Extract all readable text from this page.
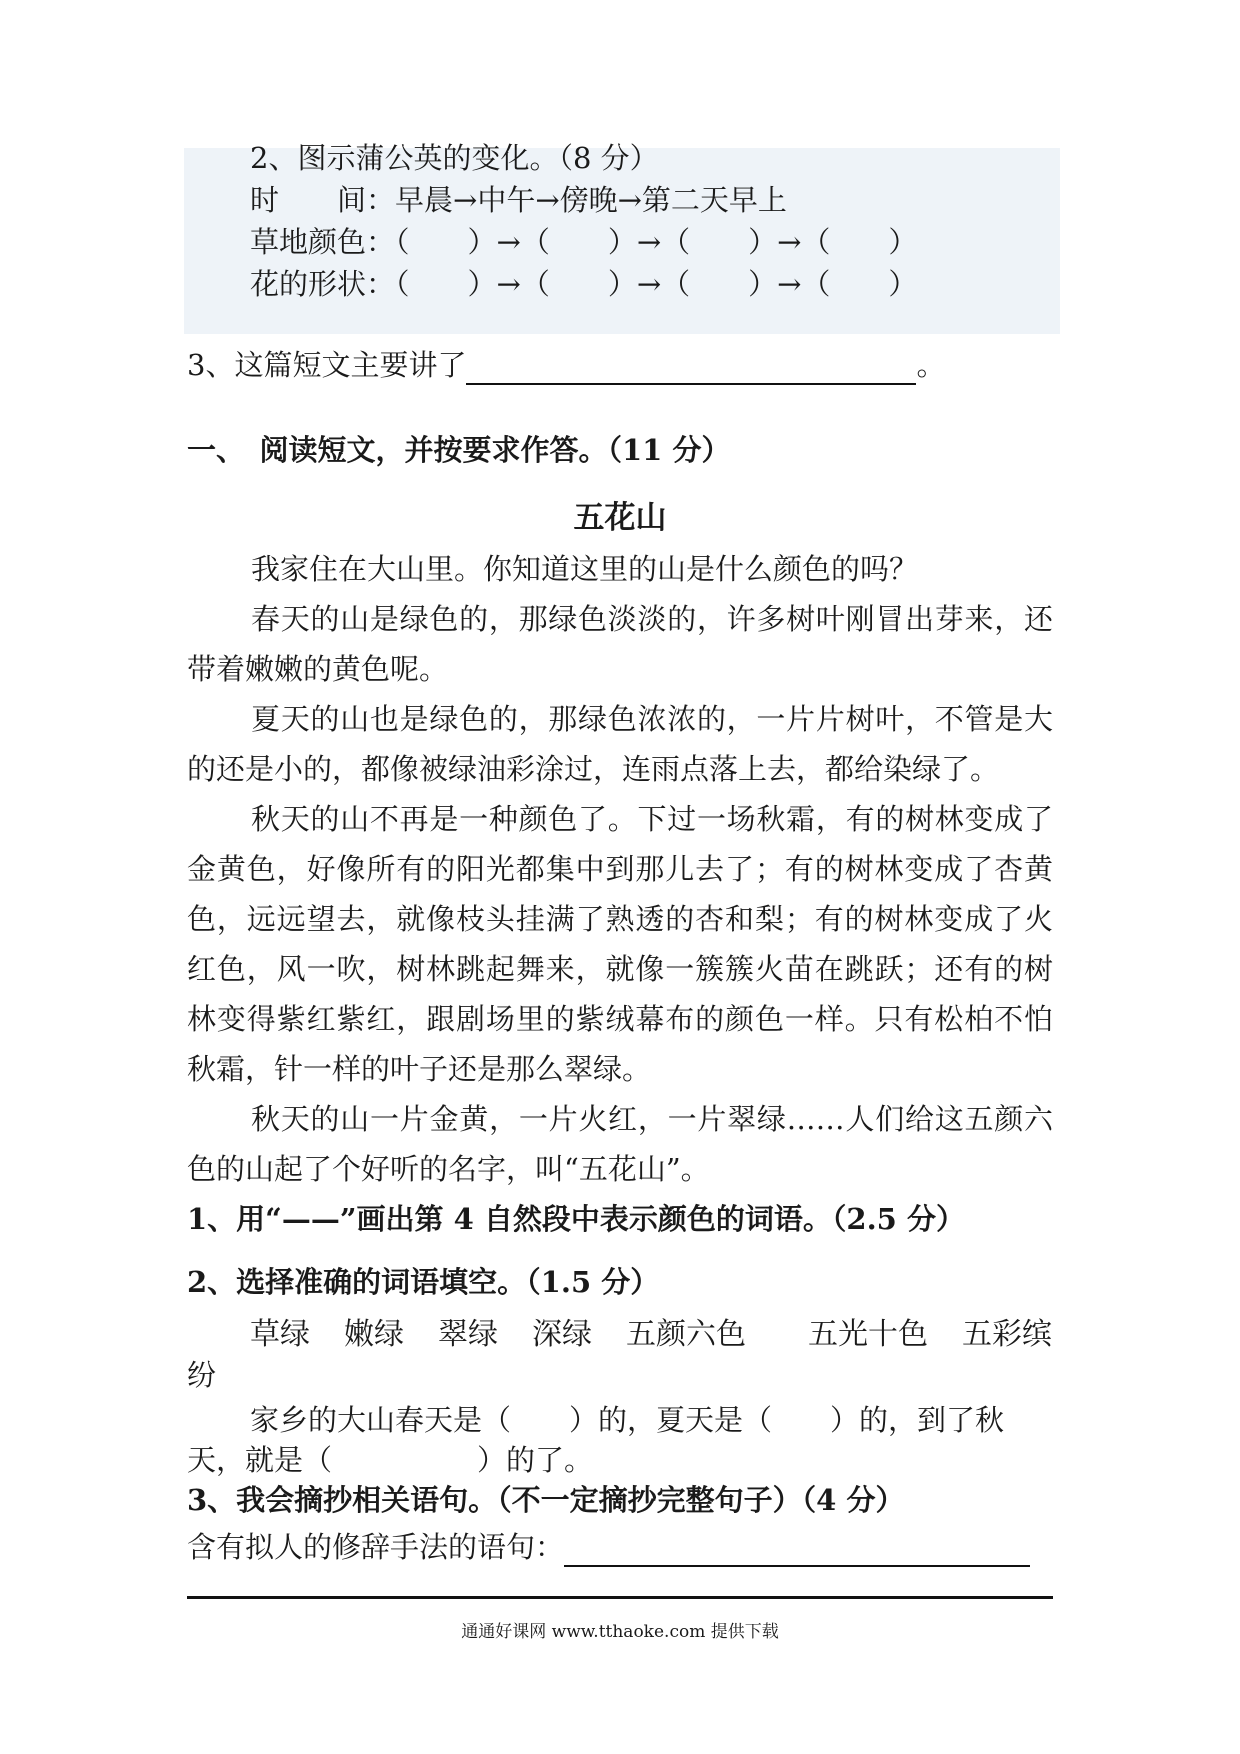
2、图示蒲公英的变化。（8 分）
时　　间：早晨→中午→傍晚→第二天早上
草地颜色：（　　）→（　　）→（　　）→（　　）
花的形状：（　　）→（　　）→（　　）→（　　）
3、这篇短文主要讲了	。
一、　阅读短文，并按要求作答。（11 分）
五花山
我家住在大山里。你知道这里的山是什么颜色的吗？
春天的山是绿色的，那绿色淡淡的，许多树叶刚冒出芽来，还带着嫩嫩的黄色呢。
夏天的山也是绿色的，那绿色浓浓的，一片片树叶，不管是大的还是小的，都像被绿油彩涂过，连雨点落上去，都给染绿了。
秋天的山不再是一种颜色了。下过一场秋霜，有的树林变成了金黄色，好像所有的阳光都集中到那儿去了；有的树林变成了杏黄色，远远望去，就像枝头挂满了熟透的杏和梨；有的树林变成了火红色，风一吹，树林跳起舞来，就像一簇簇火苗在跳跃；还有的树林变得紫红紫红，跟剧场里的紫绒幕布的颜色一样。只有松柏不怕秋霜，针一样的叶子还是那么翠绿。
秋天的山一片金黄，一片火红，一片翠绿……人们给这五颜六色的山起了个好听的名字，叫“五花山”。
1、用“——”画出第 4 自然段中表示颜色的词语。（2.5 分）
2、选择准确的词语填空。（1.5 分）
草绿 嫩绿 翠绿 深绿 五颜六色 五光十色 五彩缤
纷
家乡的大山春天是（　　）的，夏天是（　　）的，到了秋
天，就是（　　　　　）的了。
3、我会摘抄相关语句。（不一定摘抄完整句子）（4 分）
含有拟人的修辞手法的语句：
通通好课网 www.tthaoke.com 提供下载
